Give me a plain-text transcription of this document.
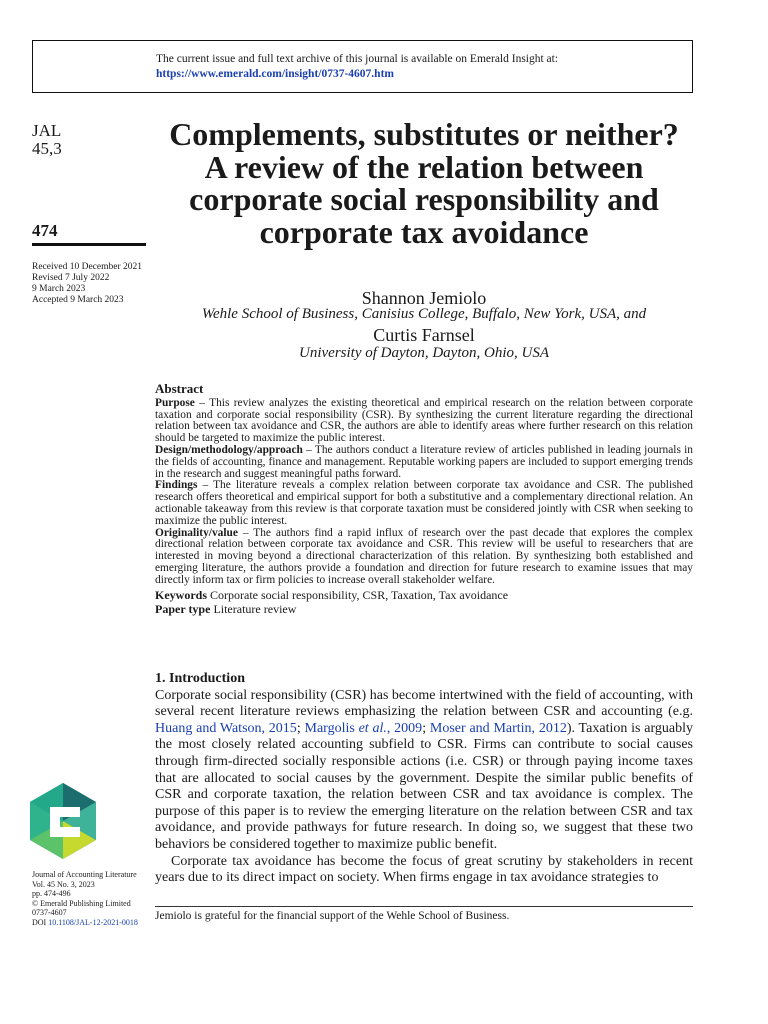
The current issue and full text archive of this journal is available on Emerald Insight at:
https://www.emerald.com/insight/0737-4607.htm
JAL
45,3
474
Received 10 December 2021
Revised 7 July 2022
9 March 2023
Accepted 9 March 2023
Complements, substitutes or neither? A review of the relation between corporate social responsibility and corporate tax avoidance
Shannon Jemiolo
Wehle School of Business, Canisius College, Buffalo, New York, USA, and
Curtis Farnsel
University of Dayton, Dayton, Ohio, USA
Abstract

Purpose – This review analyzes the existing theoretical and empirical research on the relation between corporate taxation and corporate social responsibility (CSR). By synthesizing the current literature regarding the directional relation between tax avoidance and CSR, the authors are able to identify areas where further research on this relation should be targeted to maximize the public interest.

Design/methodology/approach – The authors conduct a literature review of articles published in leading journals in the fields of accounting, finance and management. Reputable working papers are included to support emerging trends in the research and suggest meaningful paths forward.

Findings – The literature reveals a complex relation between corporate tax avoidance and CSR. The published research offers theoretical and empirical support for both a substitutive and a complementary directional relation. An actionable takeaway from this review is that corporate taxation must be considered jointly with CSR when seeking to maximize the public interest.

Originality/value – The authors find a rapid influx of research over the past decade that explores the complex directional relation between corporate tax avoidance and CSR. This review will be useful to researchers that are interested in moving beyond a directional characterization of this relation. By synthesizing both established and emerging literature, the authors provide a foundation and direction for future research to examine issues that may directly inform tax or firm policies to increase overall stakeholder welfare.

Keywords Corporate social responsibility, CSR, Taxation, Tax avoidance

Paper type Literature review

1. Introduction

Corporate social responsibility (CSR) has become intertwined with the field of accounting, with several recent literature reviews emphasizing the relation between CSR and accounting (e.g. Huang and Watson, 2015; Margolis et al., 2009; Moser and Martin, 2012). Taxation is arguably the most closely related accounting subfield to CSR. Firms can contribute to social causes through firm-directed socially responsible actions (i.e. CSR) or through paying income taxes that are allocated to social causes by the government. Despite the similar public benefits of CSR and corporate taxation, the relation between CSR and tax avoidance is complex. The purpose of this paper is to review the emerging literature on the relation between CSR and tax avoidance, and provide pathways for future research. In doing so, we suggest that these two behaviors be considered together to maximize public benefit.

Corporate tax avoidance has become the focus of great scrutiny by stakeholders in recent years due to its direct impact on society. When firms engage in tax avoidance strategies to

Journal of Accounting Literature
Vol. 45 No. 3, 2023
pp. 474-496
© Emerald Publishing Limited
0737-4607
DOI 10.1108/JAL-12-2021-0018
Jemiolo is grateful for the financial support of the Wehle School of Business.
